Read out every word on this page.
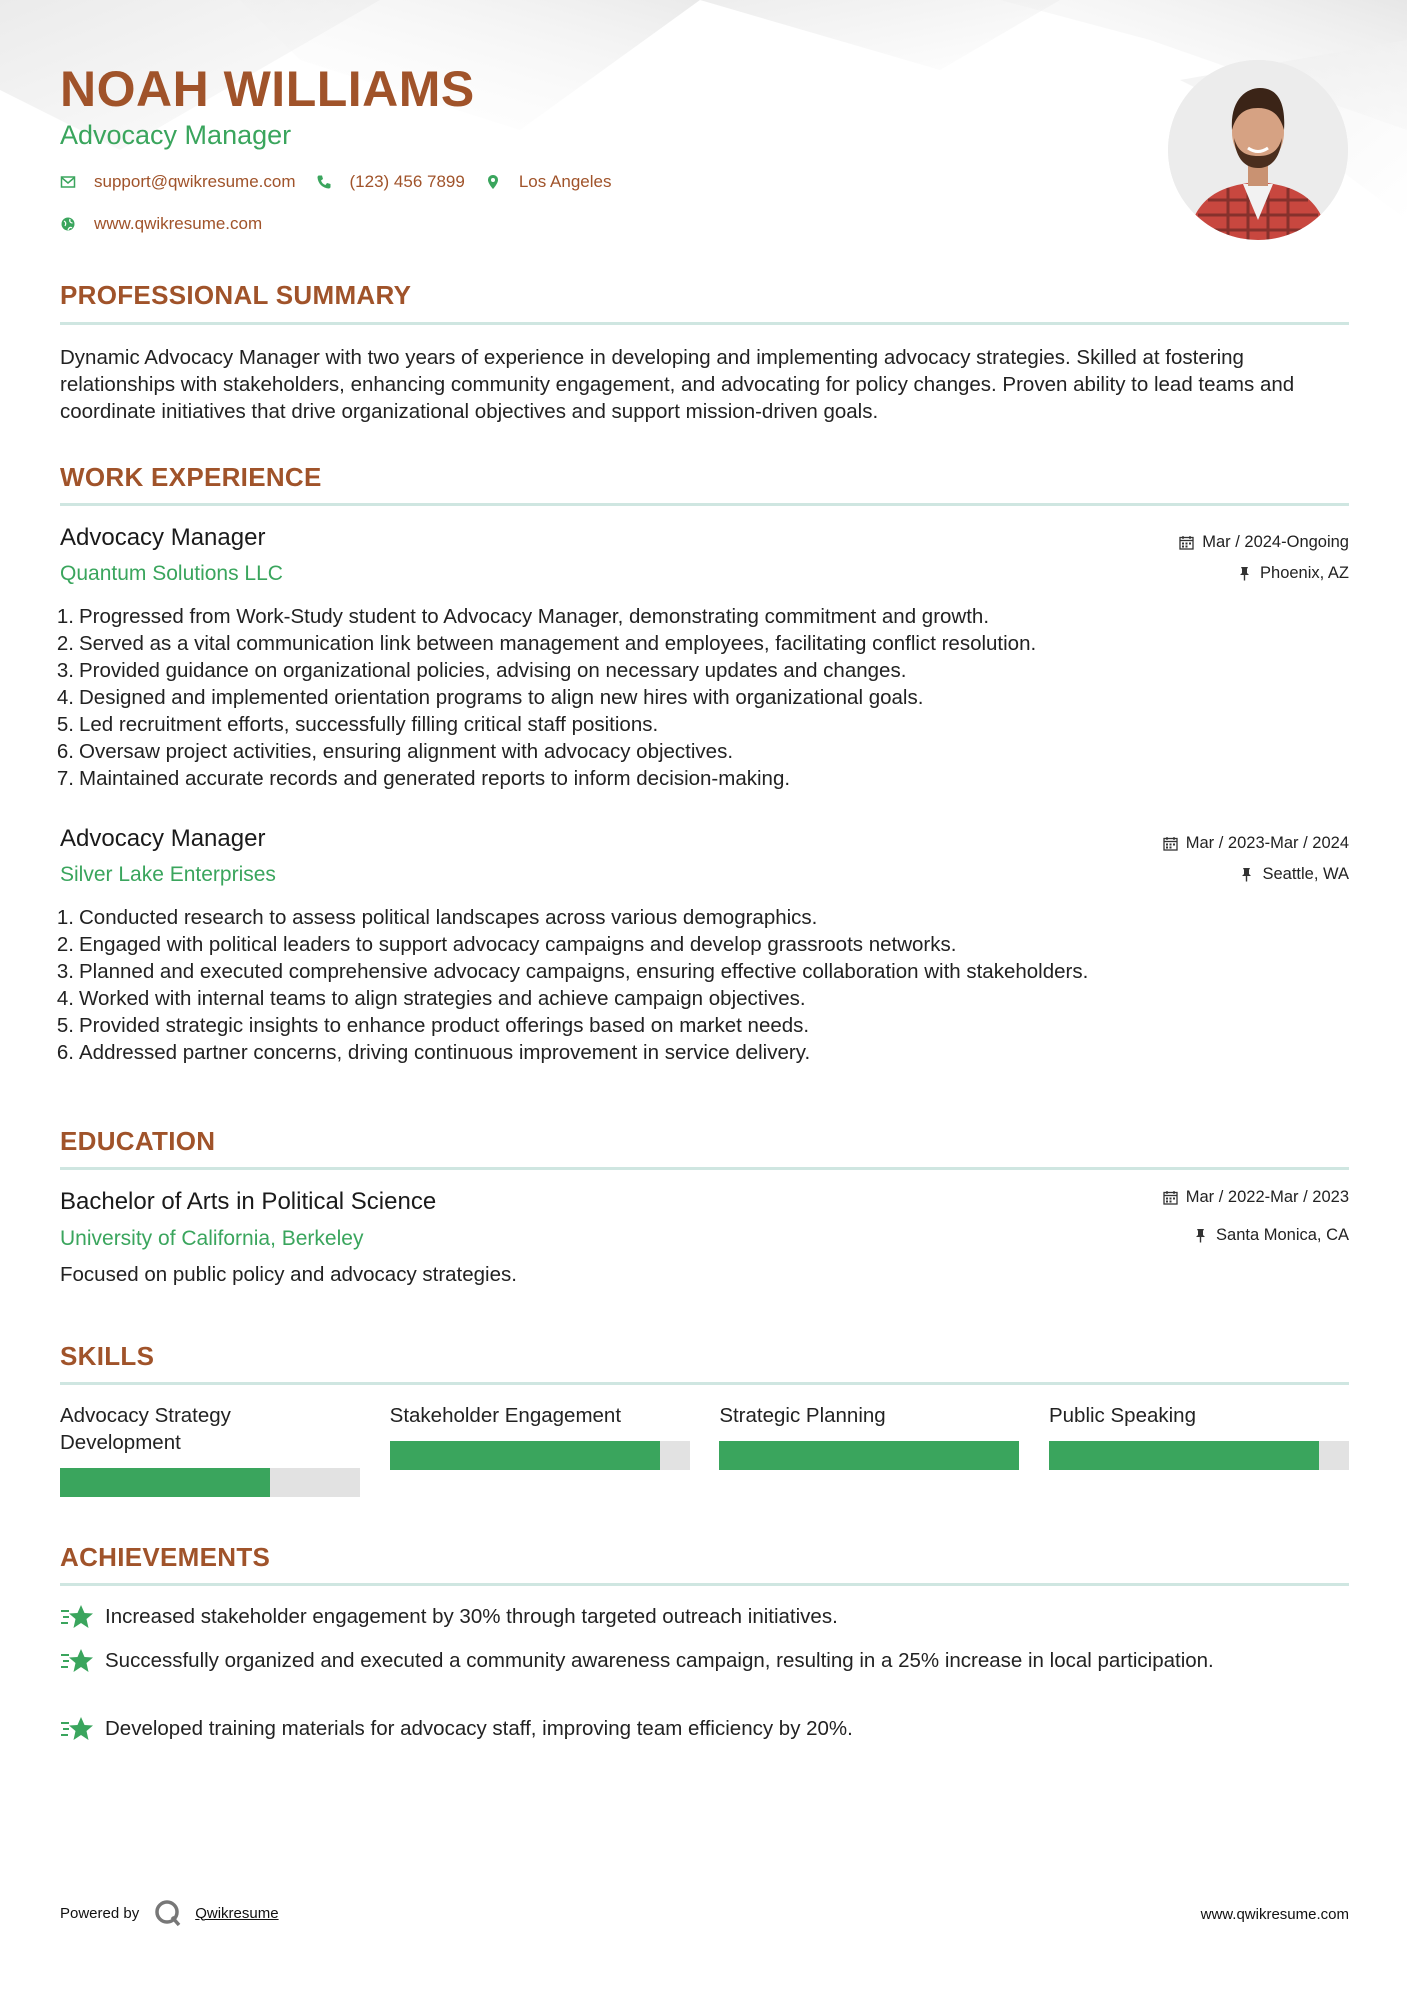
NOAH WILLIAMS
Advocacy Manager
support@qwikresume.com	(123) 456 7899	Los Angeles
www.qwikresume.com
PROFESSIONAL SUMMARY
Dynamic Advocacy Manager with two years of experience in developing and implementing advocacy strategies. Skilled at fostering relationships with stakeholders, enhancing community engagement, and advocating for policy changes. Proven ability to lead teams and coordinate initiatives that drive organizational objectives and support mission-driven goals.
WORK EXPERIENCE
Advocacy Manager
Quantum Solutions LLC
Mar / 2024-Ongoing
Phoenix, AZ
1. Progressed from Work-Study student to Advocacy Manager, demonstrating commitment and growth.
2. Served as a vital communication link between management and employees, facilitating conflict resolution.
3. Provided guidance on organizational policies, advising on necessary updates and changes.
4. Designed and implemented orientation programs to align new hires with organizational goals.
5. Led recruitment efforts, successfully filling critical staff positions.
6. Oversaw project activities, ensuring alignment with advocacy objectives.
7. Maintained accurate records and generated reports to inform decision-making.
Advocacy Manager
Silver Lake Enterprises
Mar / 2023-Mar / 2024
Seattle, WA
1. Conducted research to assess political landscapes across various demographics.
2. Engaged with political leaders to support advocacy campaigns and develop grassroots networks.
3. Planned and executed comprehensive advocacy campaigns, ensuring effective collaboration with stakeholders.
4. Worked with internal teams to align strategies and achieve campaign objectives.
5. Provided strategic insights to enhance product offerings based on market needs.
6. Addressed partner concerns, driving continuous improvement in service delivery.
EDUCATION
Bachelor of Arts in Political Science
University of California, Berkeley
Mar / 2022-Mar / 2023
Santa Monica, CA
Focused on public policy and advocacy strategies.
SKILLS
Advocacy Strategy Development
Stakeholder Engagement	Strategic Planning	Public Speaking
ACHIEVEMENTS
Increased stakeholder engagement by 30% through targeted outreach initiatives.
Successfully organized and executed a community awareness campaign, resulting in a 25% increase in local participation.
Developed training materials for advocacy staff, improving team efficiency by 20%.
Powered by	Qwikresume	www.qwikresume.com
